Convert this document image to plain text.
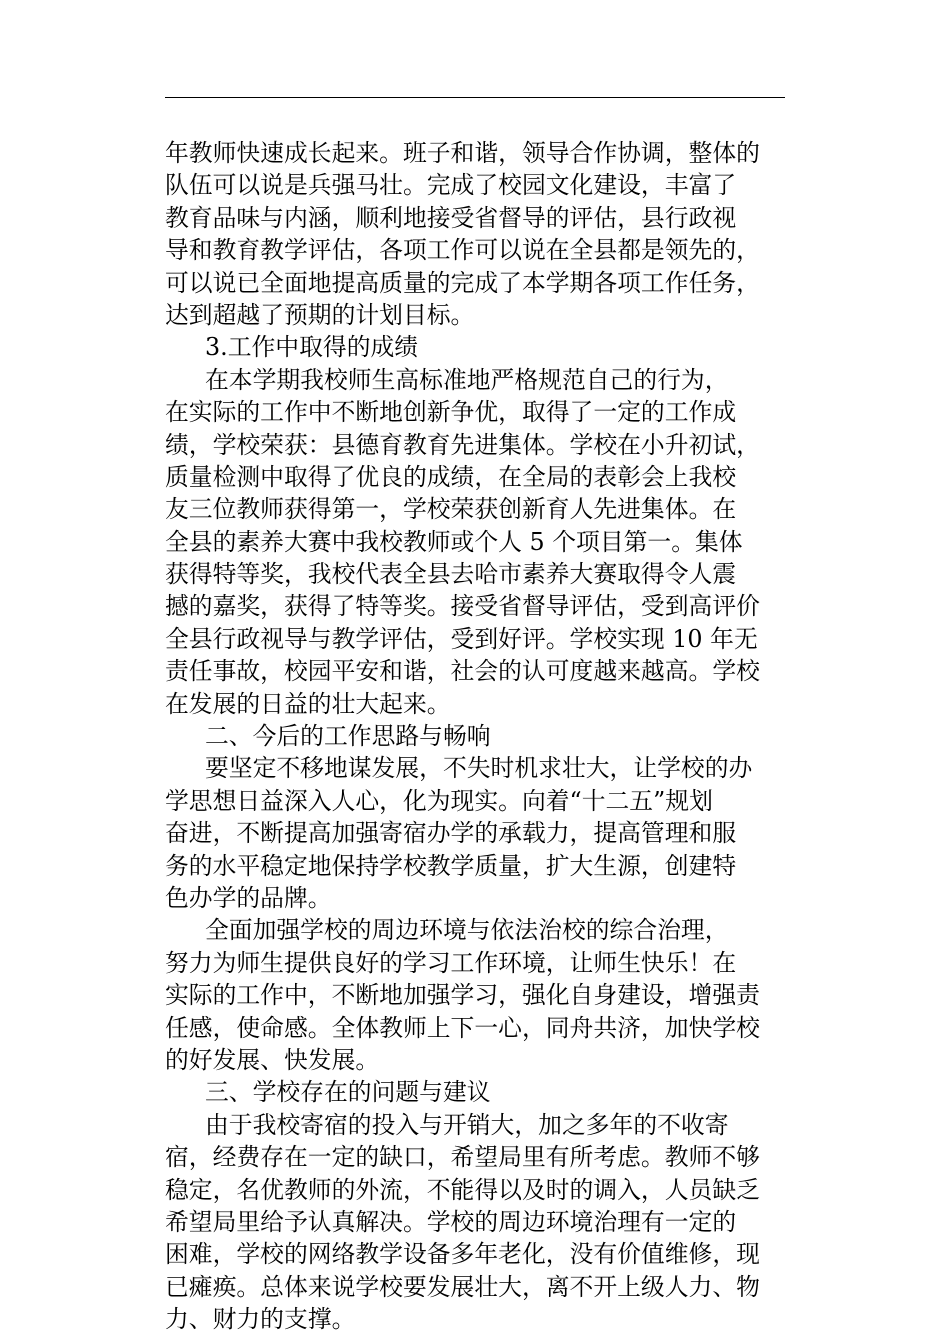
年教师快速成长起来。班子和谐，领导合作协调，整体的
队伍可以说是兵强马壮。完成了校园文化建设，丰富了
教育品味与内涵，顺利地接受省督导的评估，县行政视
导和教育教学评估，各项工作可以说在全县都是领先的，
可以说已全面地提高质量的完成了本学期各项工作任务，
达到超越了预期的计划目标。
3.工作中取得的成绩
在本学期我校师生高标准地严格规范自己的行为，
在实际的工作中不断地创新争优，取得了一定的工作成
绩，学校荣获：县德育教育先进集体。学校在小升初试，
质量检测中取得了优良的成绩，在全局的表彰会上我校
友三位教师获得第一，学校荣获创新育人先进集体。在
全县的素养大赛中我校教师或个人 5 个项目第一。集体
获得特等奖，我校代表全县去哈市素养大赛取得令人震
撼的嘉奖，获得了特等奖。接受省督导评估，受到高评价
全县行政视导与教学评估，受到好评。学校实现 10 年无
责任事故，校园平安和谐，社会的认可度越来越高。学校
在发展的日益的壮大起来。
二、今后的工作思路与畅响
要坚定不移地谋发展，不失时机求壮大，让学校的办
学思想日益深入人心，化为现实。向着“十二五”规划
奋进，不断提高加强寄宿办学的承载力，提高管理和服
务的水平稳定地保持学校教学质量，扩大生源，创建特
色办学的品牌。
全面加强学校的周边环境与依法治校的综合治理，
努力为师生提供良好的学习工作环境，让师生快乐！在
实际的工作中，不断地加强学习，强化自身建设，增强责
任感，使命感。全体教师上下一心，同舟共济，加快学校
的好发展、快发展。
三、学校存在的问题与建议
由于我校寄宿的投入与开销大，加之多年的不收寄
宿，经费存在一定的缺口，希望局里有所考虑。教师不够
稳定，名优教师的外流，不能得以及时的调入，人员缺乏
希望局里给予认真解决。学校的周边环境治理有一定的
困难，学校的网络教学设备多年老化，没有价值维修，现
已瘫痪。总体来说学校要发展壮大，离不开上级人力、物
力、财力的支撑。
